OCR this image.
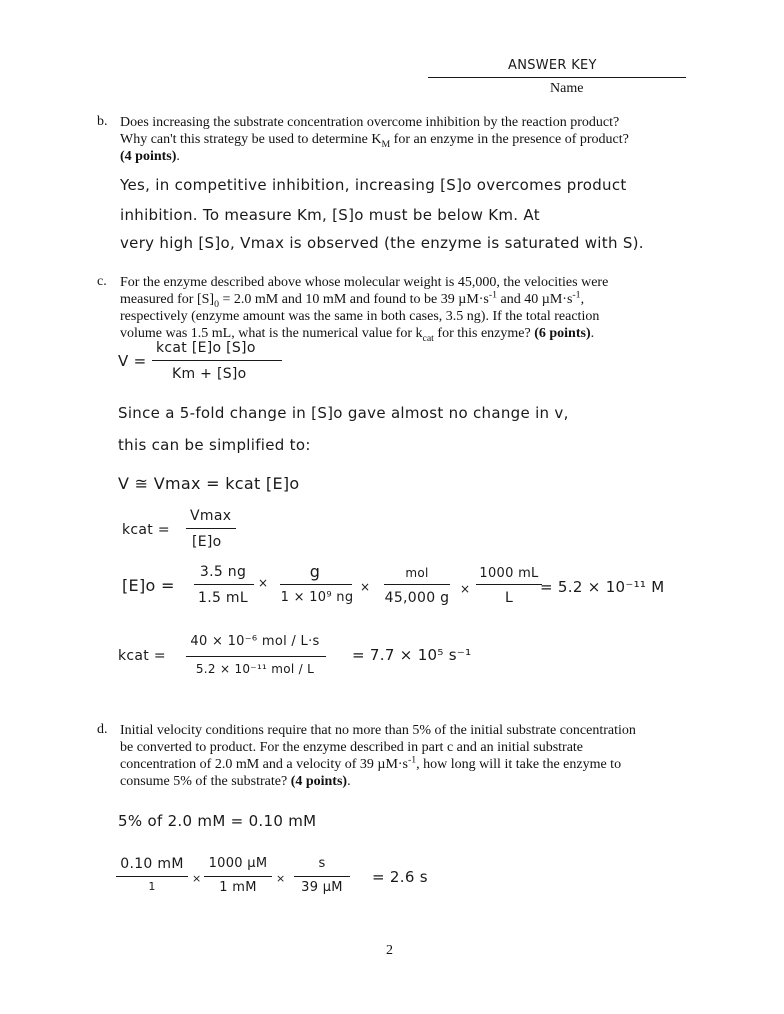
ANSWER KEY
Name
b. Does increasing the substrate concentration overcome inhibition by the reaction product?
Why can't this strategy be used to determine $K_M$ for an enzyme in the presence of product?
(4 points).
Yes, in competitive inhibition, increasing [S]o overcomes product
inhibition. To measure Km, [S]o must be below Km. At
very high [S]o, Vmax is observed (the enzyme is saturated with S).
c. For the enzyme described above whose molecular weight is 45,000, the velocities were
measured for $[S]_0 = 2.0$ mM and 10 mM and found to be 39 $\mu M\cdot s^{-1}$ and 40 $\mu M\cdot s^{-1}$,
respectively (enzyme amount was the same in both cases, 3.5 ng). If the total reaction
volume was 1.5 mL, what is the numerical value for $k_{cat}$ for this enzyme? (6 points).
V =
kcat [E]o [S]o
Km + [S]o
Since a 5-fold change in [S]o gave almost no change in v,
this can be simplified to:
V ≅ Vmax = kcat [E]o
kcat =
Vmax
[E]o
[E]o =
3.5 ng
1.5 mL
×
g
1 × 10⁹ ng
×
mol
45,000 g
×
1000 mL
L
= 5.2 × 10⁻¹¹ M
kcat =
40 × 10⁻⁶ mol / L·s
5.2 × 10⁻¹¹ mol / L
= 7.7 × 10⁵ s⁻¹
d. Initial velocity conditions require that no more than 5% of the initial substrate concentration
be converted to product. For the enzyme described in part c and an initial substrate
concentration of 2.0 mM and a velocity of 39 $\mu M\cdot s^{-1}$, how long will it take the enzyme to
consume 5% of the substrate? (4 points).
5% of 2.0 mM = 0.10 mM
0.10 mM
1
×
1000 µM
1 mM
×
s
39 µM
= 2.6 s
2
